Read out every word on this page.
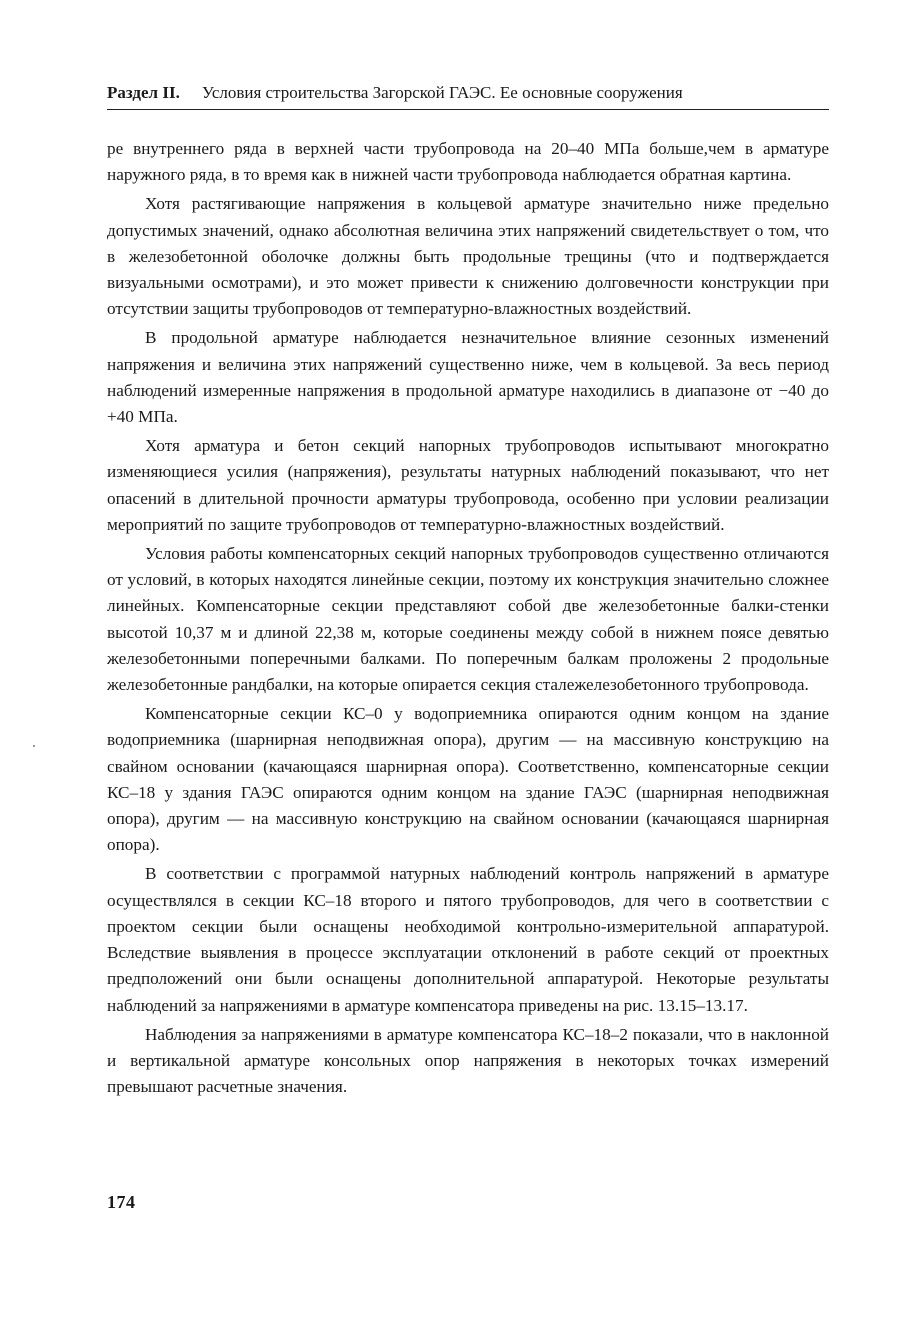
Раздел II. Условия строительства Загорской ГАЭС. Ее основные сооружения

ре внутреннего ряда в верхней части трубопровода на 20–40 МПа больше,чем в арматуре наружного ряда, в то время как в нижней части трубопровода наблюдается обратная картина.

Хотя растягивающие напряжения в кольцевой арматуре значительно ниже предельно допустимых значений, однако абсолютная величина этих напряжений свидетельствует о том, что в железобетонной оболочке должны быть продольные трещины (что и подтверждается визуальными осмотрами), и это может привести к снижению долговечности конструкции при отсутствии защиты трубопроводов от температурно-влажностных воздействий.

В продольной арматуре наблюдается незначительное влияние сезонных изменений напряжения и величина этих напряжений существенно ниже, чем в кольцевой. За весь период наблюдений измеренные напряжения в продольной арматуре находились в диапазоне от −40 до +40 МПа.

Хотя арматура и бетон секций напорных трубопроводов испытывают многократно изменяющиеся усилия (напряжения), результаты натурных наблюдений показывают, что нет опасений в длительной прочности арматуры трубопровода, особенно при условии реализации мероприятий по защите трубопроводов от температурно-влажностных воздействий.

Условия работы компенсаторных секций напорных трубопроводов существенно отличаются от условий, в которых находятся линейные секции, поэтому их конструкция значительно сложнее линейных. Компенсаторные секции представляют собой две железобетонные балки-стенки высотой 10,37 м и длиной 22,38 м, которые соединены между собой в нижнем поясе девятью железобетонными поперечными балками. По поперечным балкам проложены 2 продольные железобетонные рандбалки, на которые опирается секция сталежелезобетонного трубопровода.

Компенсаторные секции КС–0 у водоприемника опираются одним концом на здание водоприемника (шарнирная неподвижная опора), другим — на массивную конструкцию на свайном основании (качающаяся шарнирная опора). Соответственно, компенсаторные секции КС–18 у здания ГАЭС опираются одним концом на здание ГАЭС (шарнирная неподвижная опора), другим — на массивную конструкцию на свайном основании (качающаяся шарнирная опора).

В соответствии с программой натурных наблюдений контроль напряжений в арматуре осуществлялся в секции КС–18 второго и пятого трубопроводов, для чего в соответствии с проектом секции были оснащены необходимой контрольно-измерительной аппаратурой. Вследствие выявления в процессе эксплуатации отклонений в работе секций от проектных предположений они были оснащены дополнительной аппаратурой. Некоторые результаты наблюдений за напряжениями в арматуре компенсатора приведены на рис. 13.15–13.17.

Наблюдения за напряжениями в арматуре компенсатора КС–18–2 показали, что в наклонной и вертикальной арматуре консольных опор напряжения в некоторых точках измерений превышают расчетные значения.

174
